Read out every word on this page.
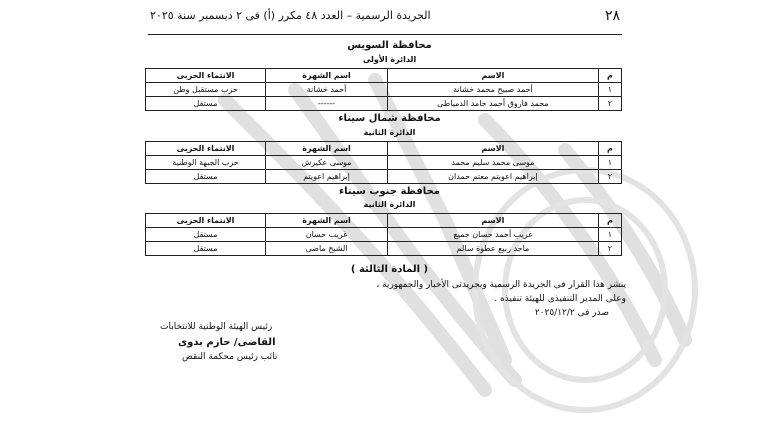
٢٨
الجريدة الرسمية – العدد ٤٨ مكرر (أ) فى ٢ ديسمبر سنة ٢٠٢٥
محافظة السويس
الدائرة الأولى
م	الاسم	اسم الشهرة	الانتماء الحزبى
١	أحمد صبيح محمد خشانة	أحمد خشانة	حزب مستقبل وطن
٢	محمد فاروق أحمد حامد الدمياطى	------	مستقل
محافظة شمال سيناء
الدائرة الثانية
م	الاسم	اسم الشهرة	الانتماء الحزبى
١	موسى محمد سليم محمد	موسى عكيرش	حزب الجبهة الوطنية
٢	إبراهيم اعويتم معتم حمدان	إبراهيم اعويتم	مستقل
محافظة جنوب سيناء
الدائرة الثانية
م	الاسم	اسم الشهرة	الانتماء الحزبى
١	غريب أحمد حسان جميع	غريب حسان	مستقل
٢	ماجد ربيع عطوة سالم	الشيخ ماضى	مستقل
( المادة الثالثة )
ينشر هذا القرار فى الجريدة الرسمية وبجريدتى الأخبار والجمهورية ،
وعلى المدير التنفيذى للهيئة تنفيذه .
صدر فى ٢٠٢٥/١٢/٢
رئيس الهيئة الوطنية للانتخابات
القاضى/ حازم بدوى
نائب رئيس محكمة النقض
